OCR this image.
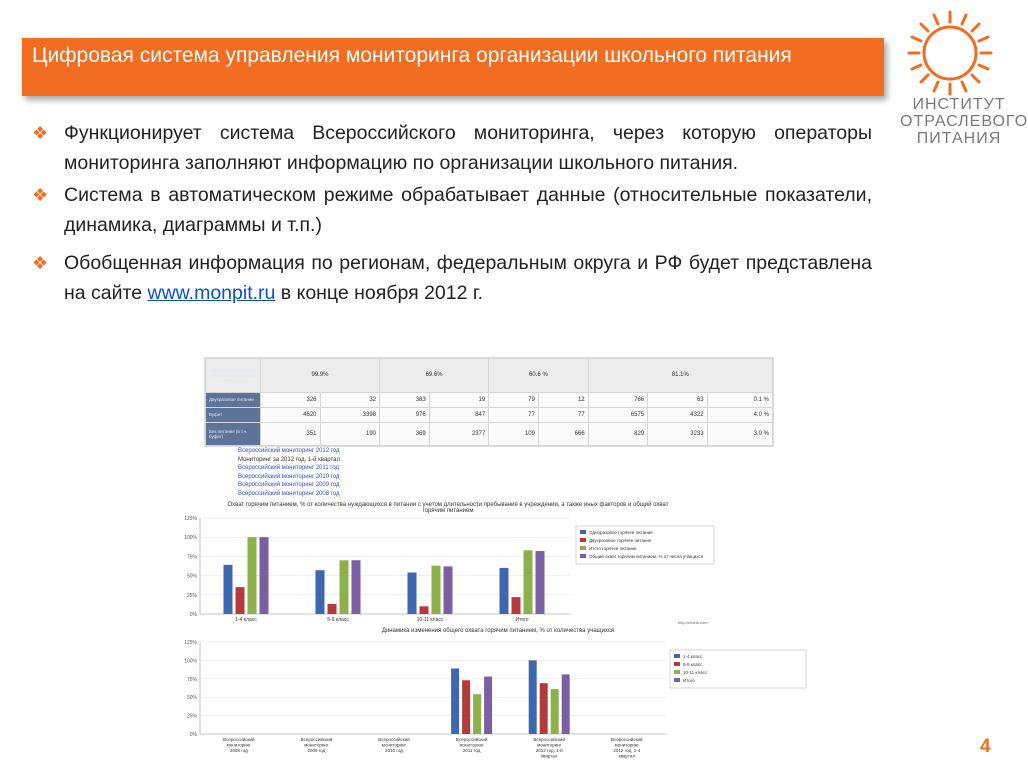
Цифровая система управления мониторинга организации школьного питания
ИНСТИТУТ
ОТРАСЛЕВОГО
ПИТАНИЯ
❖ Функционирует система Всероссийского мониторинга, через которую операторы мониторинга заполняют информацию по организации школьного питания.
❖ Система в автоматическом режиме обрабатывает данные (относительные показатели, динамика, диаграммы и т.п.)
❖ Обобщенная информация по регионам, федеральным округа и РФ будет представлена на сайте www.monpit.ru в конце ноября 2012 г.
Общий охват горячим питанием, % от числа учащихся	99.9%		69.6%		60.6 %		81.1%		
Двухразовое питание	326	32	383	19	79	12	766	63	0.1 %
Буфет	4620	3398	976	847	77	77	6575	4322	4.0 %
Без питания (в т.ч. буфет)	351	190	369	2377	109	666	829	3233	3.0 %
Всероссийский мониторинг 2012 год
Мониторинг за 2012 год, 1-й квартал
Всероссийский мониторинг 2011 год
Всероссийский мониторинг 2010 год
Всероссийский мониторинг 2009 год
Всероссийский мониторинг 2008 год
Охват горячим питанием, % от количества нуждающихся в питании с учетом длительности пребывания в учреждении, а также иных факторов и общий охват горячим питанием
0%
25%
50%
75%
100%
125%
1-4 класс	5-9 класс	10-11 класс	Итого
Одноразовое горячее питание
Двухразовое горячее питание
Итого горячее питание
Общий охват горячим питанием, % от числа учащихся
http://charts.com
Динамика изменения общего охвата горячим питанием, % от количества учащихся
0%
25%
50%
75%
100%
125%
Всероссийский
мониторинг
2008 год
Всероссийский
мониторинг
2009 год
Всероссийский
мониторинг
2010 год
Всероссийский
мониторинг
2011 год
Всероссийский
мониторинг
2012 год, 1-й
квартал
Всероссийский
мониторинг
2012 год, 1-4
квартал
1-4 класс
5-9 класс
10-11 класс
Итого
4
